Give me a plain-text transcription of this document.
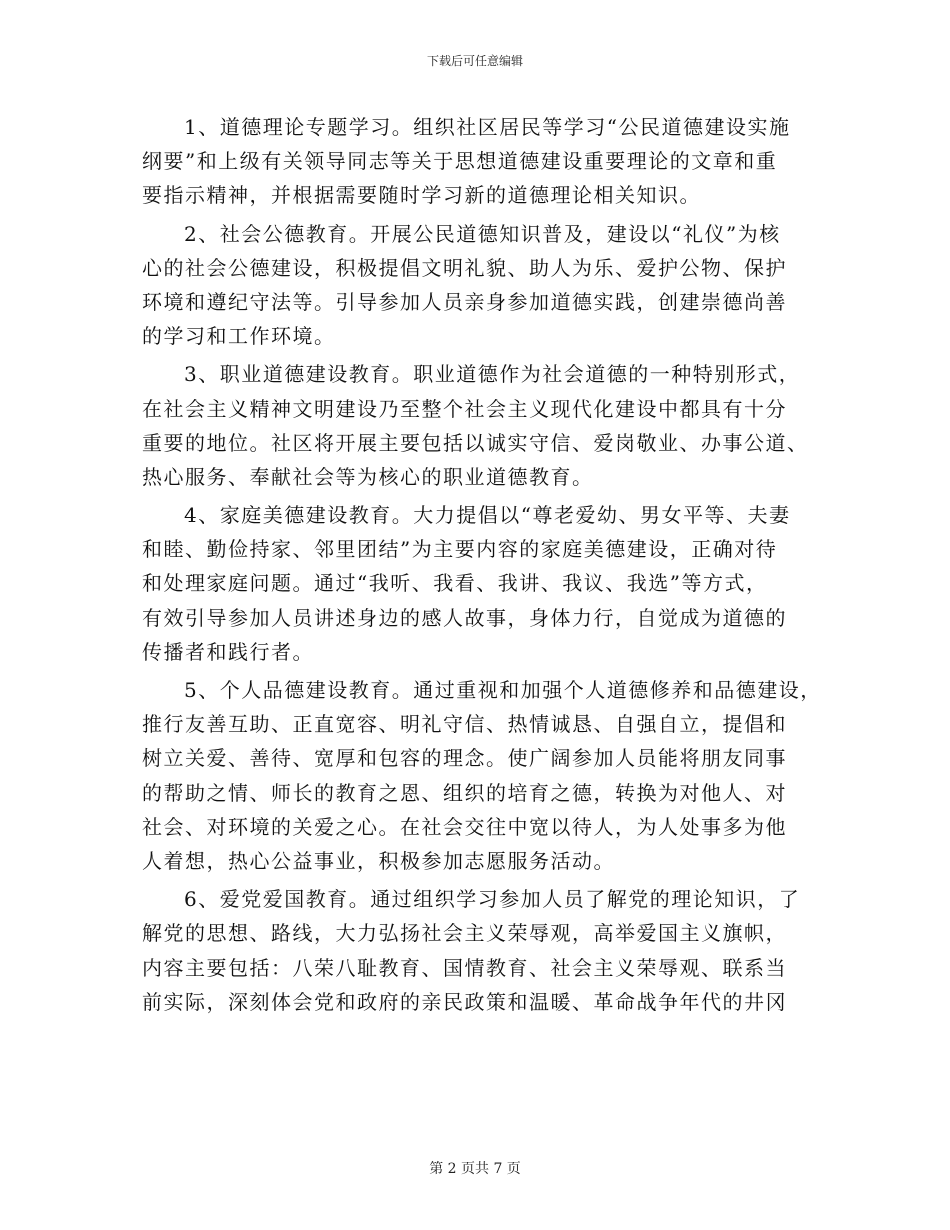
下载后可任意编辑
1、道德理论专题学习。组织社区居民等学习“公民道德建设实施
纲要”和上级有关领导同志等关于思想道德建设重要理论的文章和重
要指示精神，并根据需要随时学习新的道德理论相关知识。
2、社会公德教育。开展公民道德知识普及，建设以“礼仪”为核
心的社会公德建设，积极提倡文明礼貌、助人为乐、爱护公物、保护
环境和遵纪守法等。引导参加人员亲身参加道德实践，创建崇德尚善
的学习和工作环境。
3、职业道德建设教育。职业道德作为社会道德的一种特别形式，
在社会主义精神文明建设乃至整个社会主义现代化建设中都具有十分
重要的地位。社区将开展主要包括以诚实守信、爱岗敬业、办事公道、
热心服务、奉献社会等为核心的职业道德教育。
4、家庭美德建设教育。大力提倡以“尊老爱幼、男女平等、夫妻
和睦、勤俭持家、邻里团结”为主要内容的家庭美德建设，正确对待
和处理家庭问题。通过“我听、我看、我讲、我议、我选”等方式，
有效引导参加人员讲述身边的感人故事，身体力行，自觉成为道德的
传播者和践行者。
5、个人品德建设教育。通过重视和加强个人道德修养和品德建设，
推行友善互助、正直宽容、明礼守信、热情诚恳、自强自立，提倡和
树立关爱、善待、宽厚和包容的理念。使广阔参加人员能将朋友同事
的帮助之情、师长的教育之恩、组织的培育之德，转换为对他人、对
社会、对环境的关爱之心。在社会交往中宽以待人，为人处事多为他
人着想，热心公益事业，积极参加志愿服务活动。
6、爱党爱国教育。通过组织学习参加人员了解党的理论知识，了
解党的思想、路线，大力弘扬社会主义荣辱观，高举爱国主义旗帜，
内容主要包括：八荣八耻教育、国情教育、社会主义荣辱观、联系当
前实际，深刻体会党和政府的亲民政策和温暖、革命战争年代的井冈
第 2 页共 7 页
